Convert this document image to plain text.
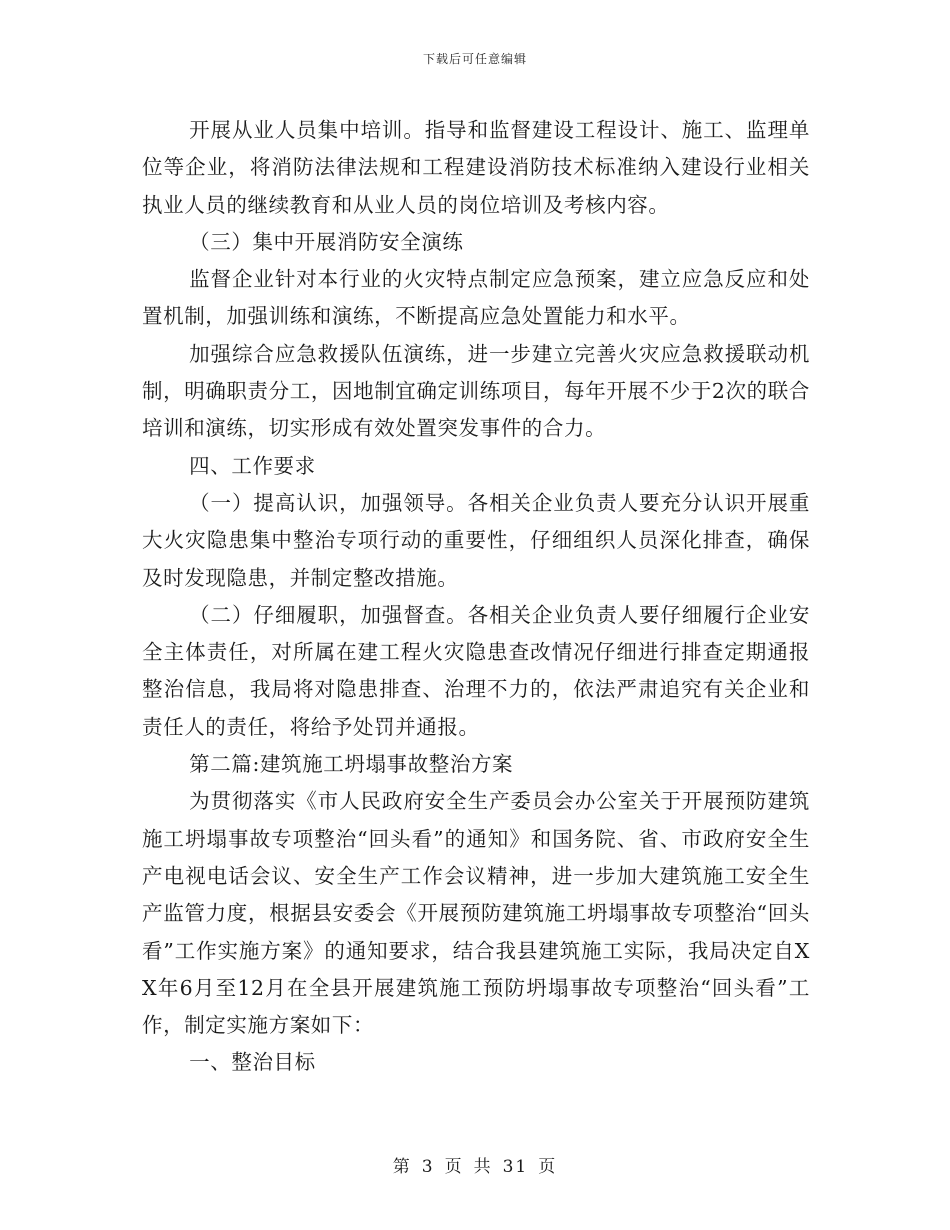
下载后可任意编辑

开展从业人员集中培训。指导和监督建设工程设计、施工、监理单位等企业，将消防法律法规和工程建设消防技术标准纳入建设行业相关执业人员的继续教育和从业人员的岗位培训及考核内容。

（三）集中开展消防安全演练

监督企业针对本行业的火灾特点制定应急预案，建立应急反应和处置机制，加强训练和演练，不断提高应急处置能力和水平。

加强综合应急救援队伍演练，进一步建立完善火灾应急救援联动机制，明确职责分工，因地制宜确定训练项目，每年开展不少于2次的联合培训和演练，切实形成有效处置突发事件的合力。

四、工作要求

（一）提高认识，加强领导。各相关企业负责人要充分认识开展重大火灾隐患集中整治专项行动的重要性，仔细组织人员深化排查，确保及时发现隐患，并制定整改措施。

（二）仔细履职，加强督查。各相关企业负责人要仔细履行企业安全主体责任，对所属在建工程火灾隐患查改情况仔细进行排查定期通报整治信息，我局将对隐患排查、治理不力的，依法严肃追究有关企业和责任人的责任，将给予处罚并通报。

第二篇:建筑施工坍塌事故整治方案

为贯彻落实《市人民政府安全生产委员会办公室关于开展预防建筑施工坍塌事故专项整治“回头看”的通知》和国务院、省、市政府安全生产电视电话会议、安全生产工作会议精神，进一步加大建筑施工安全生产监管力度，根据县安委会《开展预防建筑施工坍塌事故专项整治“回头看”工作实施方案》的通知要求，结合我县建筑施工实际，我局决定自XX年6月至12月在全县开展建筑施工预防坍塌事故专项整治“回头看”工作，制定实施方案如下：

一、整治目标

第 3 页 共 31 页
